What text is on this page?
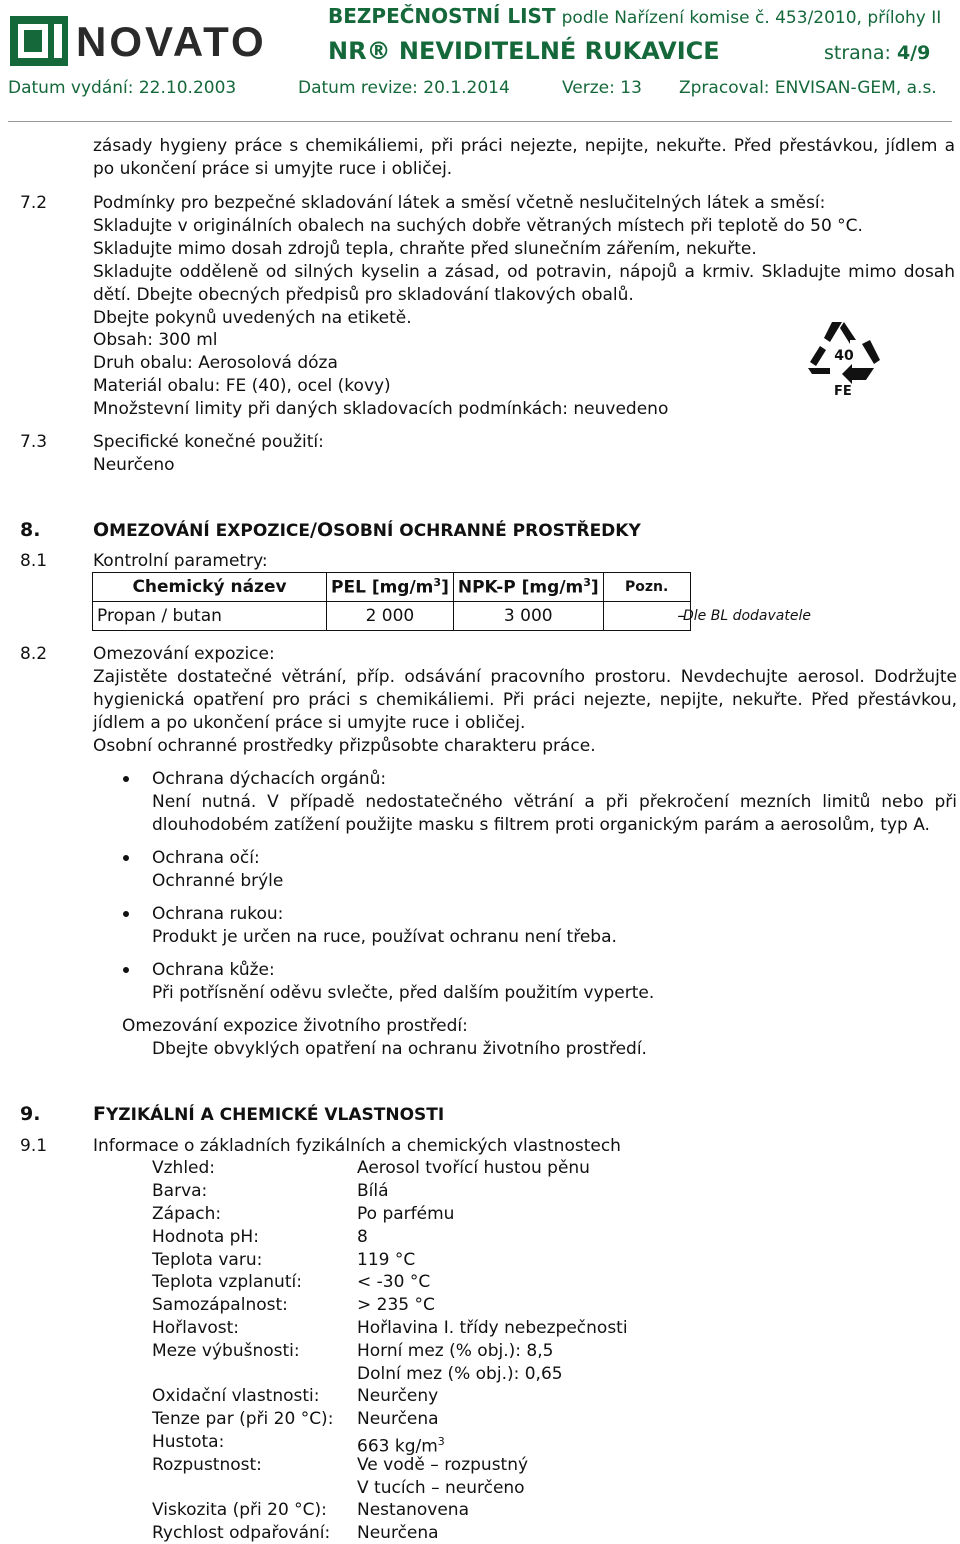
NOVATO
BEZPEČNOSTNÍ LIST podle Nařízení komise č. 453/2010, přílohy II
NR® NEVIDITELNÉ RUKAVICE	strana: 4/9
Datum vydání: 22.10.2003	Datum revize: 20.1.2014	Verze: 13 Zpracoval: ENVISAN-GEM, a.s.
zásady hygieny práce s chemikáliemi, při práci nejezte, nepijte, nekuřte. Před přestávkou, jídlem a po ukončení práce si umyjte ruce i obličej.
7.2	Podmínky pro bezpečné skladování látek a směsí včetně neslučitelných látek a směsí:
Skladujte v originálních obalech na suchých dobře větraných místech při teplotě do 50 °C.
Skladujte mimo dosah zdrojů tepla, chraňte před slunečním zářením, nekuřte.
Skladujte odděleně od silných kyselin a zásad, od potravin, nápojů a krmiv. Skladujte mimo dosah dětí. Dbejte obecných předpisů pro skladování tlakových obalů.
Dbejte pokynů uvedených na etiketě.
Obsah: 300 ml
Druh obalu: Aerosolová dóza
Materiál obalu: FE (40), ocel (kovy)
Množstevní limity při daných skladovacích podmínkách: neuvedeno
40
FE
7.3	Specifické konečné použití:
Neurčeno
8.	OMEZOVÁNÍ EXPOZICE/OSOBNÍ OCHRANNÉ PROSTŘEDKY
8.1	Kontrolní parametry:
Chemický název	PEL $[mg/m^3]$	NPK-P $[mg/m^3]$	Pozn.
Propan / butan	2 000	3 000	–
Dle BL dodavatele
8.2	Omezování expozice:
Zajistěte dostatečné větrání, příp. odsávání pracovního prostoru. Nevdechujte aerosol. Dodržujte hygienická opatření pro práci s chemikáliemi. Při práci nejezte, nepijte, nekuřte. Před přestávkou, jídlem a po ukončení práce si umyjte ruce i obličej.
Osobní ochranné prostředky přizpůsobte charakteru práce.
Ochrana dýchacích orgánů:
Není nutná. V případě nedostatečného větrání a při překročení mezních limitů nebo při dlouhodobém zatížení použijte masku s filtrem proti organickým parám a aerosolům, typ A.
Ochrana očí:
Ochranné brýle
Ochrana rukou:
Produkt je určen na ruce, používat ochranu není třeba.
Ochrana kůže:
Při potřísnění oděvu svlečte, před dalším použitím vyperte.
Omezování expozice životního prostředí:
Dbejte obvyklých opatření na ochranu životního prostředí.
9.	FYZIKÁLNÍ A CHEMICKÉ VLASTNOSTI
9.1	Informace o základních fyzikálních a chemických vlastnostech
Vzhled:	Aerosol tvořící hustou pěnu
Barva:	Bílá
Zápach:	Po parfému
Hodnota pH:	8
Teplota varu:	119 °C
Teplota vzplanutí:	< -30 °C
Samozápalnost:	> 235 °C
Hořlavost:	Hořlavina I. třídy nebezpečnosti
Meze výbušnosti:	Horní mez (% obj.): 8,5
Dolní mez (% obj.): 0,65
Oxidační vlastnosti: Neurčeny
Tenze par (při 20 °C): Neurčena
Hustota:	663 $kg/m^3$
Rozpustnost:	Ve vodě – rozpustný
V tucích – neurčeno
Viskozita (při 20 °C): Nestanovena
Rychlost odpařování: Neurčena
